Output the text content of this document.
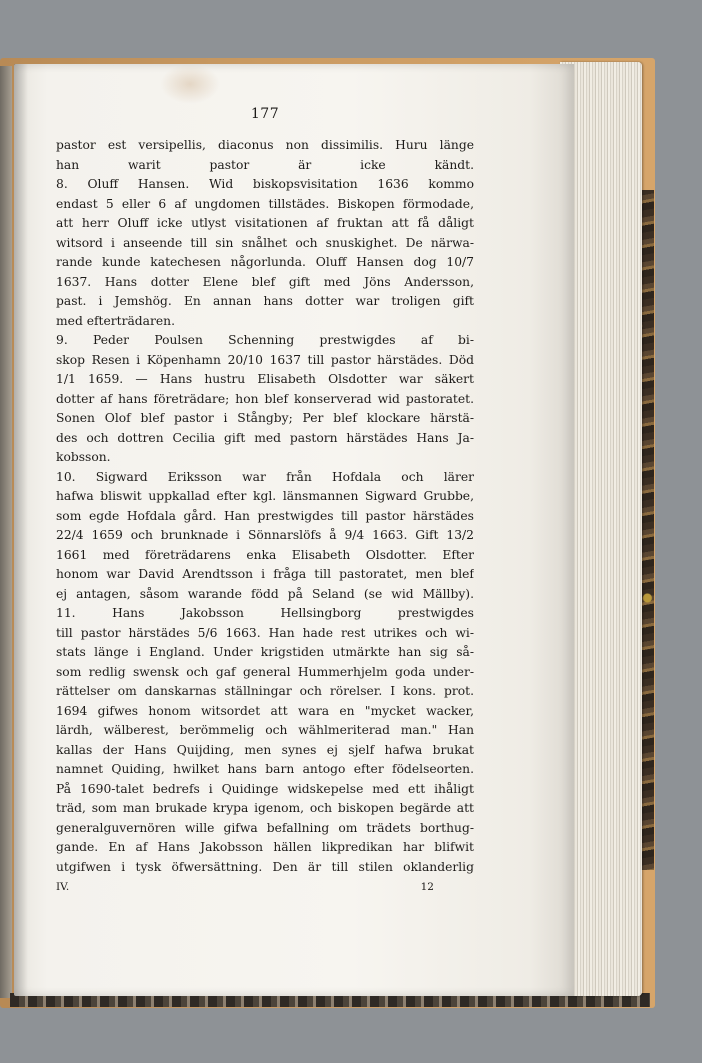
177
pastor est versipellis, diaconus non dissimilis. Huru länge
han warit pastor är icke kändt.
8. Oluff Hansen. Wid biskopsvisitation 1636 kommo
endast 5 eller 6 af ungdomen tillstädes. Biskopen förmodade,
att herr Oluff icke utlyst visitationen af fruktan att få dåligt
witsord i anseende till sin snålhet och snuskighet. De närwa-
rande kunde katechesen någorlunda. Oluff Hansen dog 10/7
1637. Hans dotter Elene blef gift med Jöns Andersson,
past. i Jemshög. En annan hans dotter war troligen gift
med efterträdaren.
9. Peder Poulsen Schenning prestwigdes af bi-
skop Resen i Köpenhamn 20/10 1637 till pastor härstädes. Död
1/1 1659. — Hans hustru Elisabeth Olsdotter war säkert
dotter af hans företrädare; hon blef konserverad wid pastoratet.
Sonen Olof blef pastor i Stångby; Per blef klockare härstä-
des och dottren Cecilia gift med pastorn härstädes Hans Ja-
kobsson.
10. Sigward Eriksson war från Hofdala och lärer
hafwa bliswit uppkallad efter kgl. länsmannen Sigward Grubbe,
som egde Hofdala gård. Han prestwigdes till pastor härstädes
22/4 1659 och brunknade i Sönnarslöfs å 9/4 1663. Gift 13/2
1661 med företrädarens enka Elisabeth Olsdotter. Efter
honom war David Arendtsson i fråga till pastoratet, men blef
ej antagen, såsom warande född på Seland (se wid Mällby).
11. Hans Jakobsson Hellsingborg prestwigdes
till pastor härstädes 5/6 1663. Han hade rest utrikes och wi-
stats länge i England. Under krigstiden utmärkte han sig så-
som redlig swensk och gaf general Hummerhjelm goda under-
rättelser om danskarnas ställningar och rörelser. I kons. prot.
1694 gifwes honom witsordet att wara en "mycket wacker,
lärdh, wälberest, berömmelig och wählmeriterad man." Han
kallas der Hans Quijding, men synes ej sjelf hafwa brukat
namnet Quiding, hwilket hans barn antogo efter födelseorten.
På 1690-talet bedrefs i Quidinge widskepelse med ett ihåligt
träd, som man brukade krypa igenom, och biskopen begärde att
generalguvernören wille gifwa befallning om trädets borthug-
gande. En af Hans Jakobsson hällen likpredikan har blifwit
utgifwen i tysk öfwersättning. Den är till stilen oklanderlig
IV.	12
